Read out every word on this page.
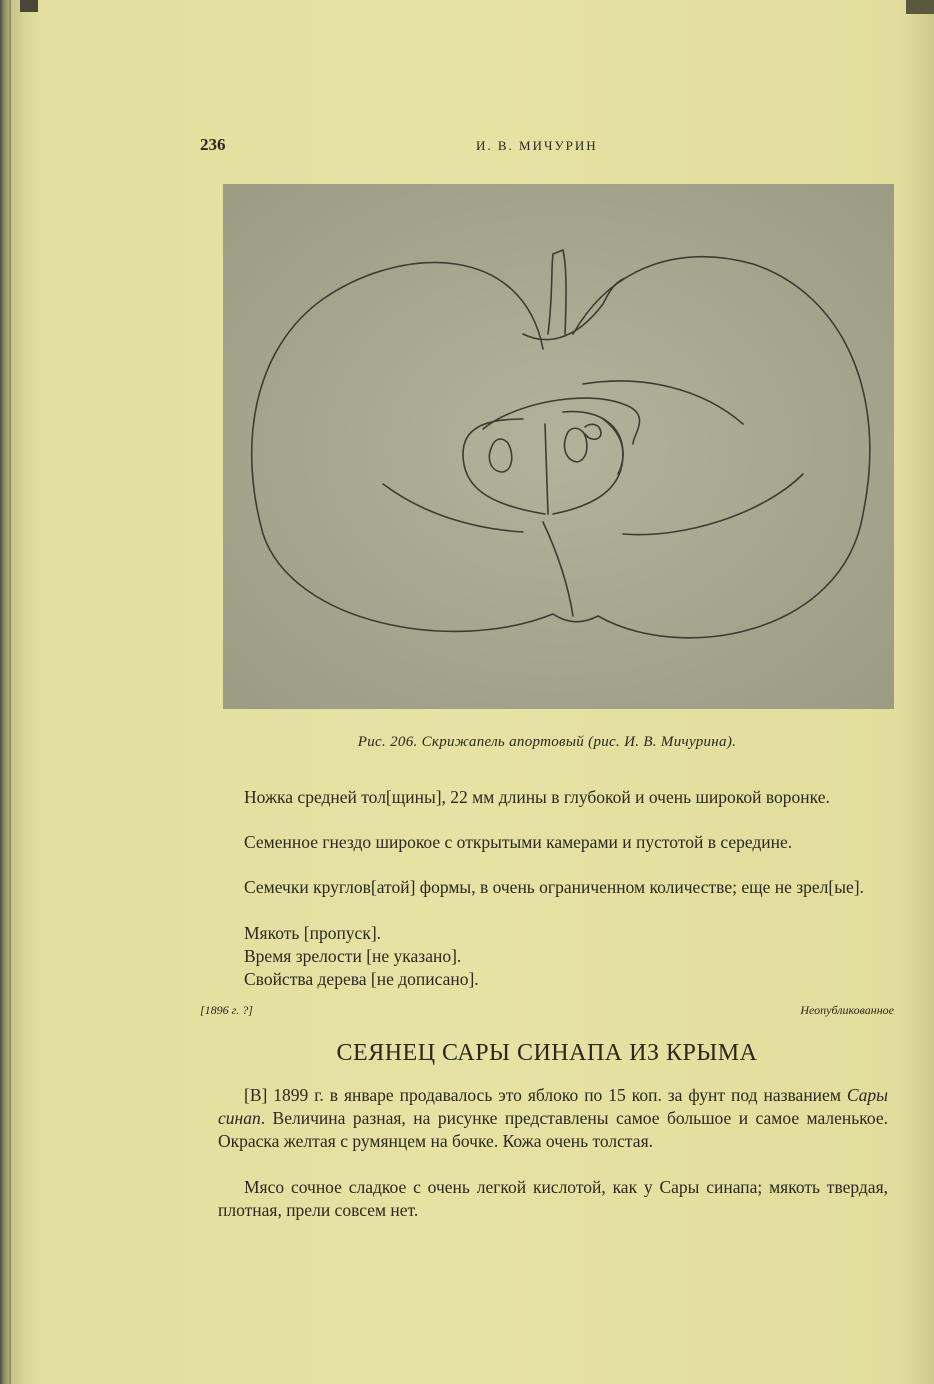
236	И. В. МИЧУРИН
Рис. 206. Скрижапель апортовый (рис. И. В. Мичурина).

Ножка средней тол[щины], 22 мм длины в глубокой и очень широкой воронке.

Семенное гнездо широкое с открытыми камерами и пустотой в середине.

Семечки круглов[атой] формы, в очень ограниченном количестве; еще не зрел[ые].

Мякоть [пропуск].

Время зрелости [не указано].

Свойства дерева [не дописано].

[1896 г. ?]	Неопубликованное
СЕЯНЕЦ САРЫ СИНАПА ИЗ КРЫМА

[В] 1899 г. в январе продавалось это яблоко по 15 коп. за фунт под названием Сары синап. Величина разная, на рисунке представлены самое большое и самое маленькое. Окраска желтая с румянцем на бочке. Кожа очень толстая.

Мясо сочное сладкое с очень легкой кислотой, как у Сары синапа; мякоть твердая, плотная, прели совсем нет.
